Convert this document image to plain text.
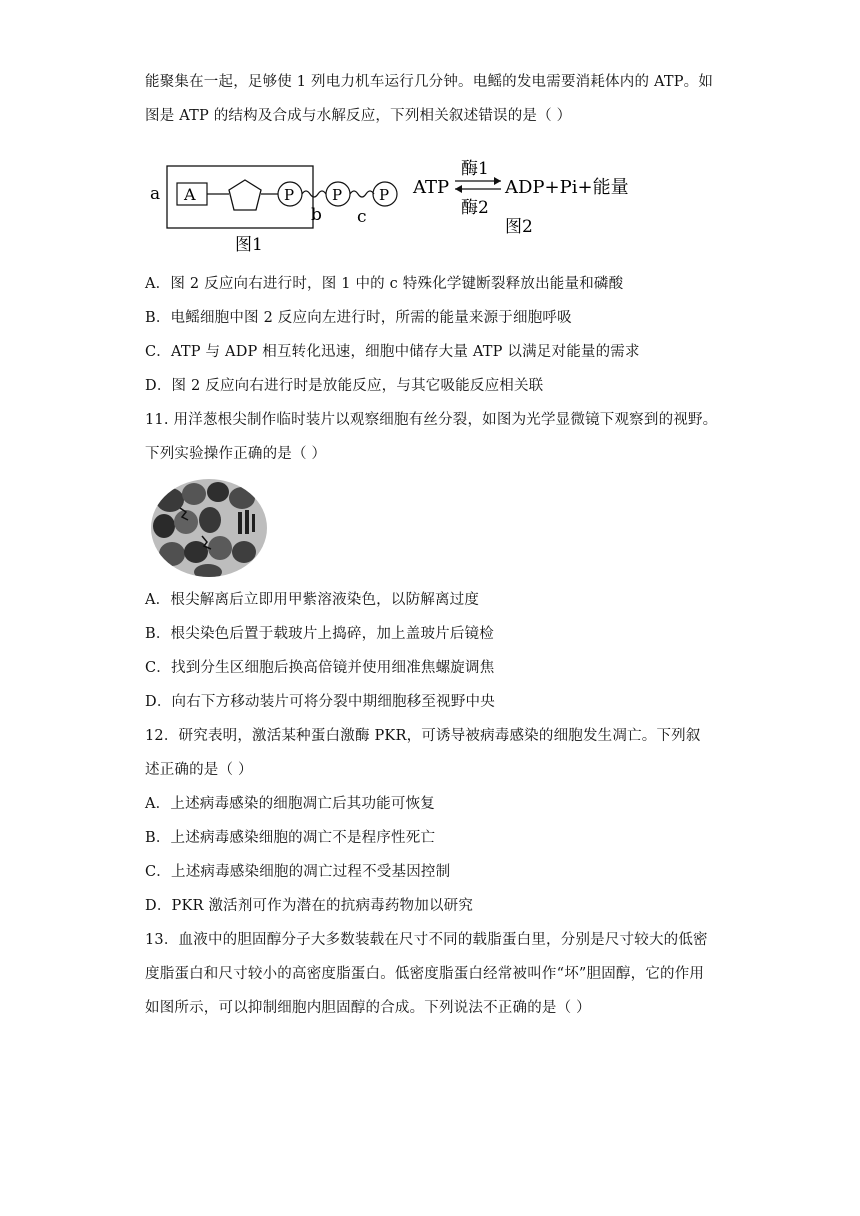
能聚集在一起，足够使 1 列电力机车运行几分钟。电鳐的发电需要消耗体内的 ATP。如
图是 ATP 的结构及合成与水解反应，下列相关叙述错误的是（ ）
a A	P
b
P
c
P
图1
ATP
酶1
酶2
ADP+Pi+能量
图2
A．图 2 反应向右进行时，图 1 中的 c 特殊化学键断裂释放出能量和磷酸
B．电鳐细胞中图 2 反应向左进行时，所需的能量来源于细胞呼吸
C．ATP 与 ADP 相互转化迅速，细胞中储存大量 ATP 以满足对能量的需求
D．图 2 反应向右进行时是放能反应，与其它吸能反应相关联
11. 用洋葱根尖制作临时装片以观察细胞有丝分裂，如图为光学显微镜下观察到的视野。
下列实验操作正确的是（ ）
A．根尖解离后立即用甲紫溶液染色，以防解离过度
B．根尖染色后置于载玻片上捣碎，加上盖玻片后镜检
C．找到分生区细胞后换高倍镜并使用细准焦螺旋调焦
D．向右下方移动装片可将分裂中期细胞移至视野中央
12．研究表明，激活某种蛋白激酶 PKR，可诱导被病毒感染的细胞发生凋亡。下列叙
述正确的是（ ）
A．上述病毒感染的细胞凋亡后其功能可恢复
B．上述病毒感染细胞的凋亡不是程序性死亡
C．上述病毒感染细胞的凋亡过程不受基因控制
D．PKR 激活剂可作为潜在的抗病毒药物加以研究
13．血液中的胆固醇分子大多数装载在尺寸不同的载脂蛋白里，分别是尺寸较大的低密
度脂蛋白和尺寸较小的高密度脂蛋白。低密度脂蛋白经常被叫作“坏”胆固醇，它的作用
如图所示，可以抑制细胞内胆固醇的合成。下列说法不正确的是（ ）
